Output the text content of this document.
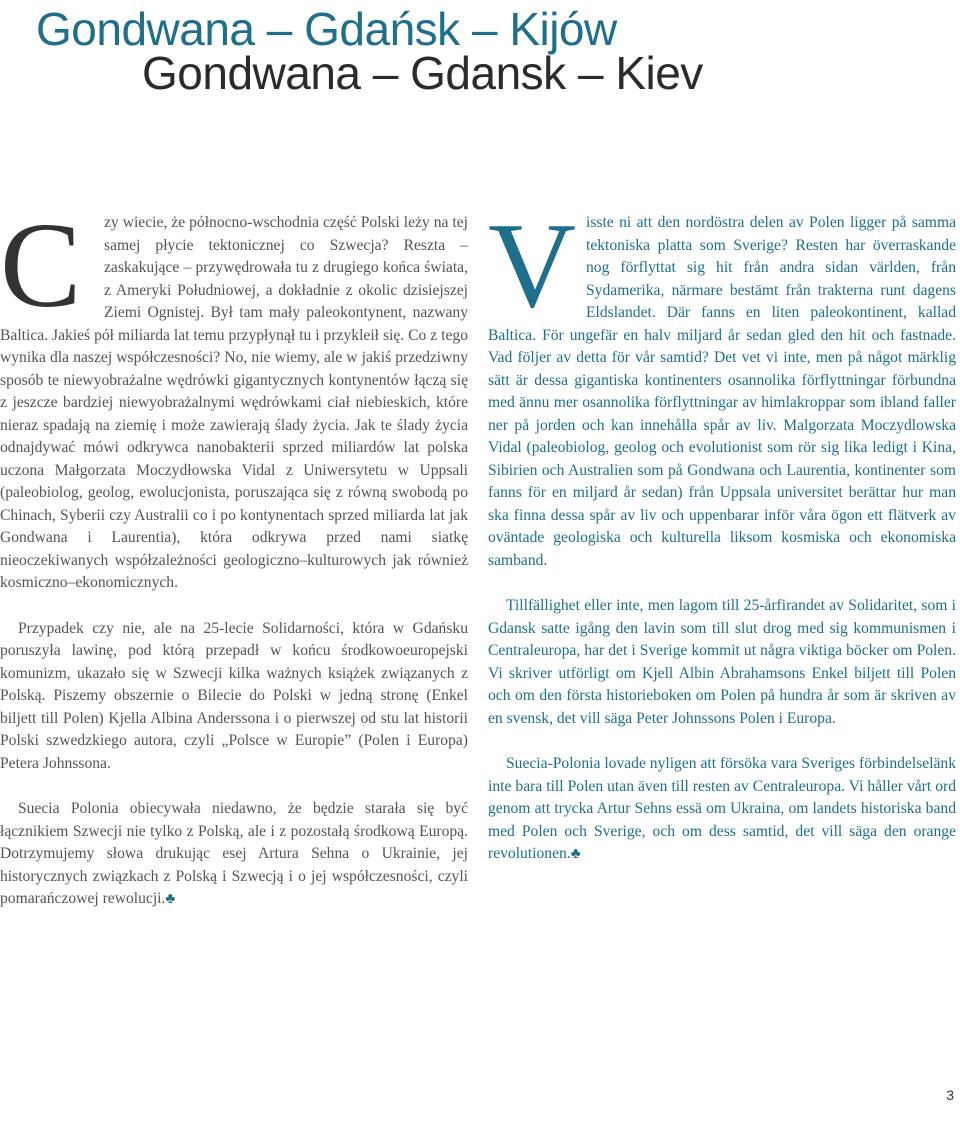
Gondwana – Gdańsk – Kijów
Gondwana – Gdansk – Kiev

C	zy wiecie, że północno-wschodnia część Polski leży na tej samej płycie tektonicznej co Szwecja? Reszta – zaskakujące – przywędrowała tu z drugiego końca świata, z Ameryki Południowej, a dokładnie z okolic dzisiejszej Ziemi Ognistej. Był tam mały paleokontynent, nazwany Baltica. Jakieś pół miliarda lat temu przypłynął tu i przykleił się. Co z tego wynika dla naszej współczesności? No, nie wiemy, ale w jakiś przedziwny sposób te niewyobrażalne wędrówki gigantycznych kontynentów łączą się z jeszcze bardziej niewyobrażalnymi wędrówkami ciał niebieskich, które nieraz spadają na ziemię i może zawierają ślady życia. Jak te ślady życia odnajdywać mówi odkrywca nanobakterii sprzed miliardów lat polska uczona Małgorzata Moczydłowska Vidal z Uniwersytetu w Uppsali (paleobiolog, geolog, ewolucjonista, poruszająca się z równą swobodą po Chinach, Syberii czy Australii co i po kontynentach sprzed miliarda lat jak Gondwana i Laurentia), która odkrywa przed nami siatkę nieoczekiwanych współzależności geologiczno–kulturowych jak również kosmiczno–ekonomicznych.

Przypadek czy nie, ale na 25-lecie Solidarności, która w Gdańsku poruszyła lawinę, pod którą przepadł w końcu środkowoeuropejski komunizm, ukazało się w Szwecji kilka ważnych książek związanych z Polską. Piszemy obszernie o Bilecie do Polski w jedną stronę (Enkel biljett till Polen) Kjella Albina Anderssona i o pierwszej od stu lat historii Polski szwedzkiego autora, czyli „Polsce w Europie” (Polen i Europa) Petera Johnssona.

Suecia Polonia obiecywała niedawno, że będzie starała się być łącznikiem Szwecji nie tylko z Polską, ale i z pozostałą środkową Europą. Dotrzymujemy słowa drukując esej Artura Sehna o Ukrainie, jej historycznych związkach z Polską i Szwecją i o jej współczesności, czyli pomarańczowej rewolucji.♣

Visste ni att den nordöstra delen av Polen ligger på samma tektoniska platta som Sverige? Resten har överraskande nog förflyttat sig hit från andra sidan världen, från Sydamerika, närmare bestämt från trakterna runt dagens Eldslandet. Där fanns en liten paleokontinent, kallad Baltica. För ungefär en halv miljard år sedan gled den hit och fastnade. Vad följer av detta för vår samtid? Det vet vi inte, men på något märklig sätt är dessa gigantiska kontinenters osannolika förflyttningar förbundna med ännu mer osannolika förflyttningar av himlakroppar som ibland faller ner på jorden och kan innehålla spår av liv. Malgorzata Moczydlowska Vidal (paleobiolog, geolog och evolutionist som rör sig lika ledigt i Kina, Sibirien och Australien som på Gondwana och Laurentia, kontinenter som fanns för en miljard år sedan) från Uppsala universitet berättar hur man ska finna dessa spår av liv och uppenbarar inför våra ögon ett flätverk av oväntade geologiska och kulturella liksom kosmiska och ekonomiska samband.

Tillfällighet eller inte, men lagom till 25-årfirandet av Solidaritet, som i Gdansk satte igång den lavin som till slut drog med sig kommunismen i Centraleuropa, har det i Sverige kommit ut några viktiga böcker om Polen. Vi skriver utförligt om Kjell Albin Abrahamsons Enkel biljett till Polen och om den första historieboken om Polen på hundra år som är skriven av en svensk, det vill säga Peter Johnssons Polen i Europa.

Suecia-Polonia lovade nyligen att försöka vara Sveriges förbindelselänk inte bara till Polen utan även till resten av Centraleuropa. Vi håller vårt ord genom att trycka Artur Sehns essä om Ukraina, om landets historiska band med Polen och Sverige, och om dess samtid, det vill säga den orange revolutionen.♣

3
